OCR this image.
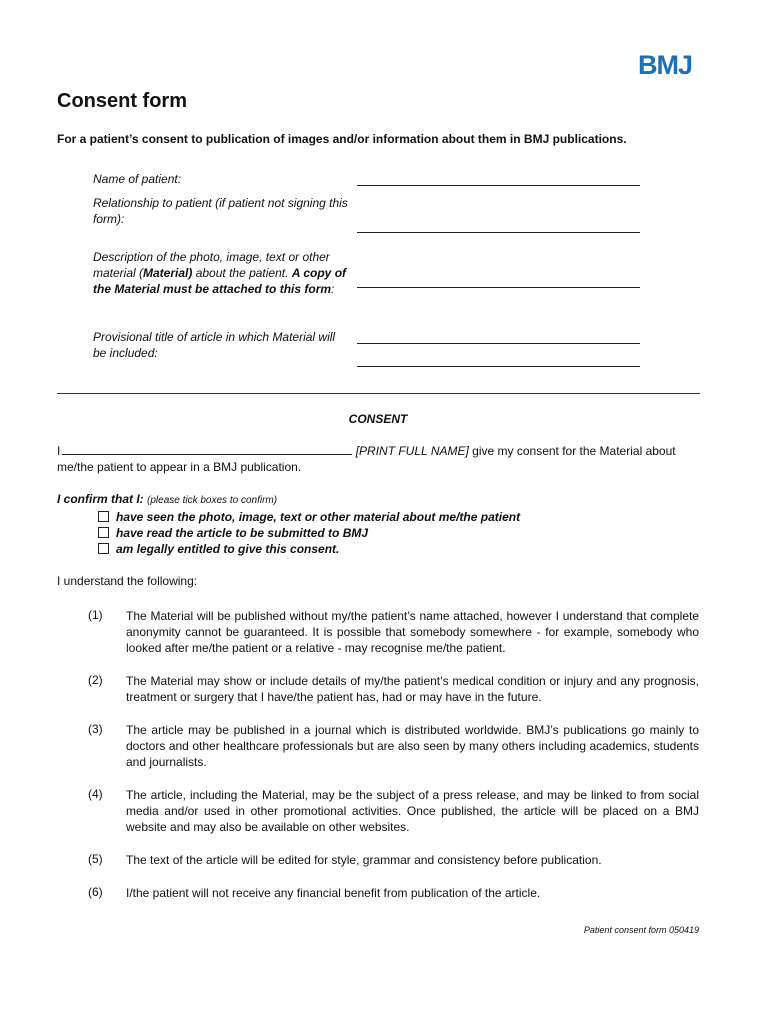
BMJ
Consent form
For a patient’s consent to publication of images and/or information about them in BMJ publications.
Name of patient:
Relationship to patient (if patient not signing this form):
Description of the photo, image, text or other material (Material) about the patient. A copy of the Material must be attached to this form:
Provisional title of article in which Material will be included:
CONSENT
I	[PRINT FULL NAME] give my consent for the Material about
me/the patient to appear in a BMJ publication.
I confirm that I: (please tick boxes to confirm)
have seen the photo, image, text or other material about me/the patient
have read the article to be submitted to BMJ
am legally entitled to give this consent.
I understand the following:
(1) The Material will be published without my/the patient’s name attached, however I understand that complete anonymity cannot be guaranteed. It is possible that somebody somewhere - for example, somebody who looked after me/the patient or a relative - may recognise me/the patient.
(2) The Material may show or include details of my/the patient’s medical condition or injury and any prognosis, treatment or surgery that I have/the patient has, had or may have in the future.
(3) The article may be published in a journal which is distributed worldwide. BMJ’s publications go mainly to doctors and other healthcare professionals but are also seen by many others including academics, students and journalists.
(4) The article, including the Material, may be the subject of a press release, and may be linked to from social media and/or used in other promotional activities. Once published, the article will be placed on a BMJ website and may also be available on other websites.
(5) The text of the article will be edited for style, grammar and consistency before publication.
(6) I/the patient will not receive any financial benefit from publication of the article.
Patient consent form 050419
